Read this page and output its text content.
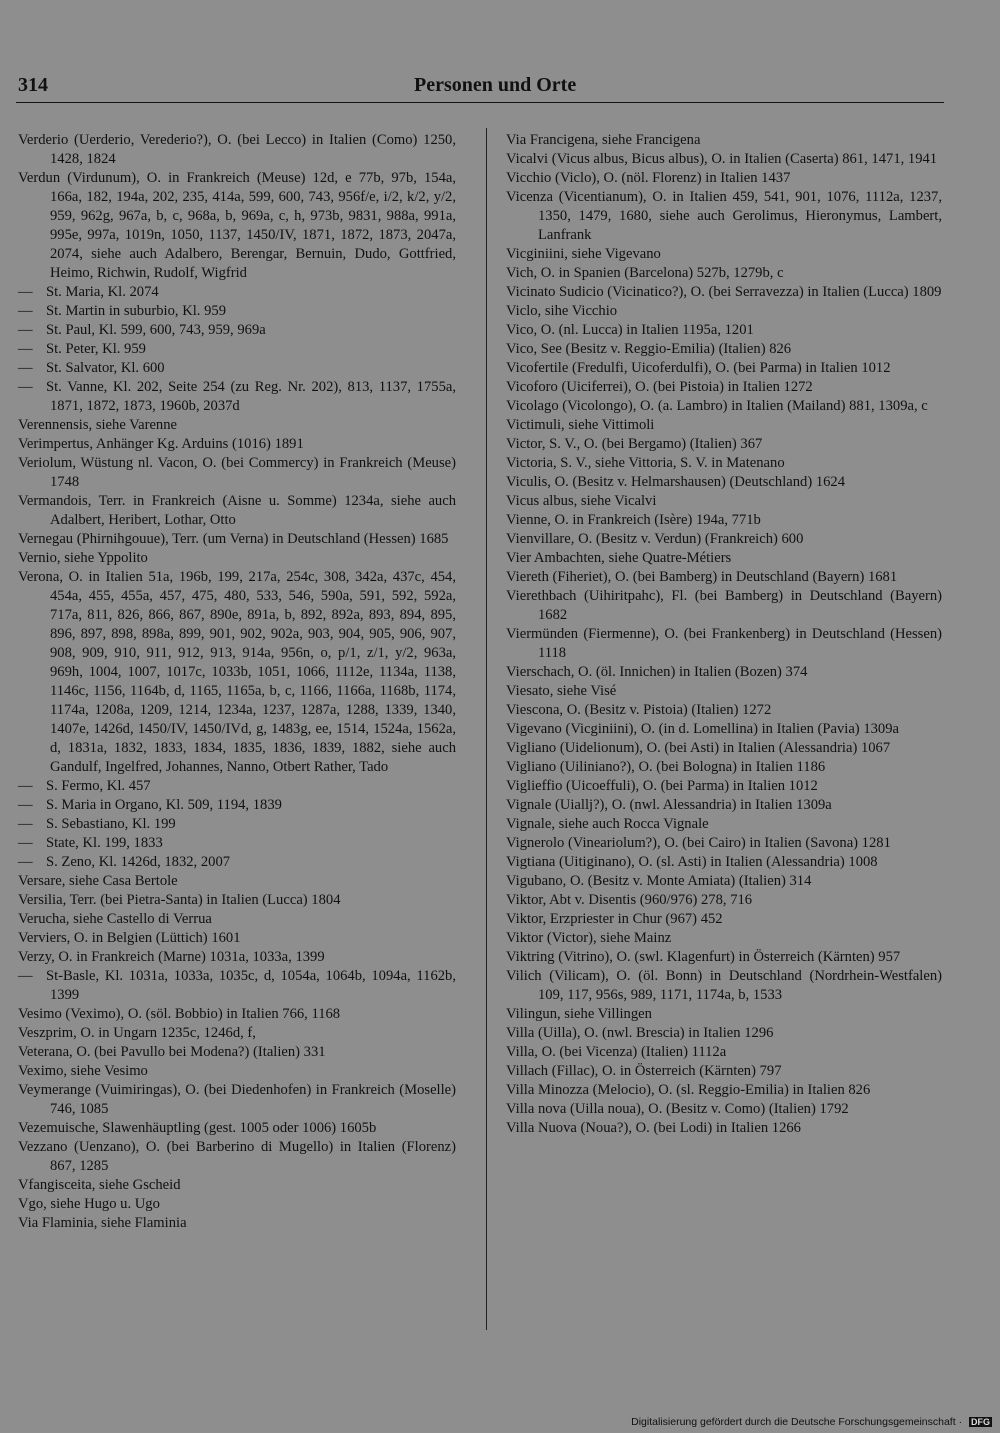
314	Personen und Orte

Verderio (Uerderio, Verederio?), O. (bei Lecco) in Italien (Como) 1250, 1428, 1824

Verdun (Virdunum), O. in Frankreich (Meuse) 12d, e 77b, 97b, 154a, 166a, 182, 194a, 202, 235, 414a, 599, 600, 743, 956f/e, i/2, k/2, y/2, 959, 962g, 967a, b, c, 968a, b, 969a, c, h, 973b, 9831, 988a, 991a, 995e, 997a, 1019n, 1050, 1137, 1450/IV, 1871, 1872, 1873, 2047a, 2074, siehe auch Adalbero, Berengar, Bernuin, Dudo, Gottfried, Heimo, Richwin, Rudolf, Wigfrid

— St. Maria, Kl. 2074

— St. Martin in suburbio, Kl. 959

— St. Paul, Kl. 599, 600, 743, 959, 969a

— St. Peter, Kl. 959

— St. Salvator, Kl. 600

— St. Vanne, Kl. 202, Seite 254 (zu Reg. Nr. 202), 813, 1137, 1755a, 1871, 1872, 1873, 1960b, 2037d

Verennensis, siehe Varenne

Verimpertus, Anhänger Kg. Arduins (1016) 1891

Veriolum, Wüstung nl. Vacon, O. (bei Commercy) in Frankreich (Meuse) 1748

Vermandois, Terr. in Frankreich (Aisne u. Somme) 1234a, siehe auch Adalbert, Heribert, Lothar, Otto

Vernegau (Phirnihgouue), Terr. (um Verna) in Deutschland (Hessen) 1685

Vernio, siehe Yppolito

Verona, O. in Italien 51a, 196b, 199, 217a, 254c, 308, 342a, 437c, 454, 454a, 455, 455a, 457, 475, 480, 533, 546, 590a, 591, 592, 592a, 717a, 811, 826, 866, 867, 890e, 891a, b, 892, 892a, 893, 894, 895, 896, 897, 898, 898a, 899, 901, 902, 902a, 903, 904, 905, 906, 907, 908, 909, 910, 911, 912, 913, 914a, 956n, o, p/1, z/1, y/2, 963a, 969h, 1004, 1007, 1017c, 1033b, 1051, 1066, 1112e, 1134a, 1138, 1146c, 1156, 1164b, d, 1165, 1165a, b, c, 1166, 1166a, 1168b, 1174, 1174a, 1208a, 1209, 1214, 1234a, 1237, 1287a, 1288, 1339, 1340, 1407e, 1426d, 1450/IV, 1450/IVd, g, 1483g, ee, 1514, 1524a, 1562a, d, 1831a, 1832, 1833, 1834, 1835, 1836, 1839, 1882, siehe auch Gandulf, Ingelfred, Johannes, Nanno, Otbert Rather, Tado

— S. Fermo, Kl. 457

— S. Maria in Organo, Kl. 509, 1194, 1839

— S. Sebastiano, Kl. 199

— State, Kl. 199, 1833

— S. Zeno, Kl. 1426d, 1832, 2007

Versare, siehe Casa Bertole

Versilia, Terr. (bei Pietra-Santa) in Italien (Lucca) 1804

Verucha, siehe Castello di Verrua

Verviers, O. in Belgien (Lüttich) 1601

Verzy, O. in Frankreich (Marne) 1031a, 1033a, 1399

— St-Basle, Kl. 1031a, 1033a, 1035c, d, 1054a, 1064b, 1094a, 1162b, 1399

Vesimo (Veximo), O. (söl. Bobbio) in Italien 766, 1168

Veszprim, O. in Ungarn 1235c, 1246d, f,

Veterana, O. (bei Pavullo bei Modena?) (Italien) 331

Veximo, siehe Vesimo

Veymerange (Vuimiringas), O. (bei Diedenhofen) in Frankreich (Moselle) 746, 1085

Vezemuische, Slawenhäuptling (gest. 1005 oder 1006) 1605b

Vezzano (Uenzano), O. (bei Barberino di Mugello) in Italien (Florenz) 867, 1285

Vfangisceita, siehe Gscheid

Vgo, siehe Hugo u. Ugo

Via Flaminia, siehe Flaminia

Via Francigena, siehe Francigena

Vicalvi (Vicus albus, Bicus albus), O. in Italien (Caserta) 861, 1471, 1941

Vicchio (Viclo), O. (nöl. Florenz) in Italien 1437

Vicenza (Vicentianum), O. in Italien 459, 541, 901, 1076, 1112a, 1237, 1350, 1479, 1680, siehe auch Gerolimus, Hieronymus, Lambert, Lanfrank

Vicginiini, siehe Vigevano

Vich, O. in Spanien (Barcelona) 527b, 1279b, c

Vicinato Sudicio (Vicinatico?), O. (bei Serravezza) in Italien (Lucca) 1809

Viclo, sihe Vicchio

Vico, O. (nl. Lucca) in Italien 1195a, 1201

Vico, See (Besitz v. Reggio-Emilia) (Italien) 826

Vicofertile (Fredulfi, Uicoferdulfi), O. (bei Parma) in Italien 1012

Vicoforo (Uiciferrei), O. (bei Pistoia) in Italien 1272

Vicolago (Vicolongo), O. (a. Lambro) in Italien (Mailand) 881, 1309a, c

Victimuli, siehe Vittimoli

Victor, S. V., O. (bei Bergamo) (Italien) 367

Victoria, S. V., siehe Vittoria, S. V. in Matenano

Viculis, O. (Besitz v. Helmarshausen) (Deutschland) 1624

Vicus albus, siehe Vicalvi

Vienne, O. in Frankreich (Isère) 194a, 771b

Vienvillare, O. (Besitz v. Verdun) (Frankreich) 600

Vier Ambachten, siehe Quatre-Métiers

Viereth (Fiheriet), O. (bei Bamberg) in Deutschland (Bayern) 1681

Vierethbach (Uihiritpahc), Fl. (bei Bamberg) in Deutschland (Bayern) 1682

Viermünden (Fiermenne), O. (bei Frankenberg) in Deutschland (Hessen) 1118

Vierschach, O. (öl. Innichen) in Italien (Bozen) 374

Viesato, siehe Visé

Viescona, O. (Besitz v. Pistoia) (Italien) 1272

Vigevano (Vicginiini), O. (in d. Lomellina) in Italien (Pavia) 1309a

Vigliano (Uidelionum), O. (bei Asti) in Italien (Alessandria) 1067

Vigliano (Uiliniano?), O. (bei Bologna) in Italien 1186

Viglieffio (Uicoeffuli), O. (bei Parma) in Italien 1012

Vignale (Uiallj?), O. (nwl. Alessandria) in Italien 1309a

Vignale, siehe auch Rocca Vignale

Vignerolo (Vineariolum?), O. (bei Cairo) in Italien (Savona) 1281

Vigtiana (Uitiginano), O. (sl. Asti) in Italien (Alessandria) 1008

Vigubano, O. (Besitz v. Monte Amiata) (Italien) 314

Viktor, Abt v. Disentis (960/976) 278, 716

Viktor, Erzpriester in Chur (967) 452

Viktor (Victor), siehe Mainz

Viktring (Vitrino), O. (swl. Klagenfurt) in Österreich (Kärnten) 957

Vilich (Vilicam), O. (öl. Bonn) in Deutschland (Nordrhein-Westfalen) 109, 117, 956s, 989, 1171, 1174a, b, 1533

Vilingun, siehe Villingen

Villa (Uilla), O. (nwl. Brescia) in Italien 1296

Villa, O. (bei Vicenza) (Italien) 1112a

Villach (Fillac), O. in Österreich (Kärnten) 797

Villa Minozza (Melocio), O. (sl. Reggio-Emilia) in Italien 826

Villa nova (Uilla noua), O. (Besitz v. Como) (Italien) 1792

Villa Nuova (Noua?), O. (bei Lodi) in Italien 1266

Digitalisierung gefördert durch die Deutsche Forschungsgemeinschaft · DFG
